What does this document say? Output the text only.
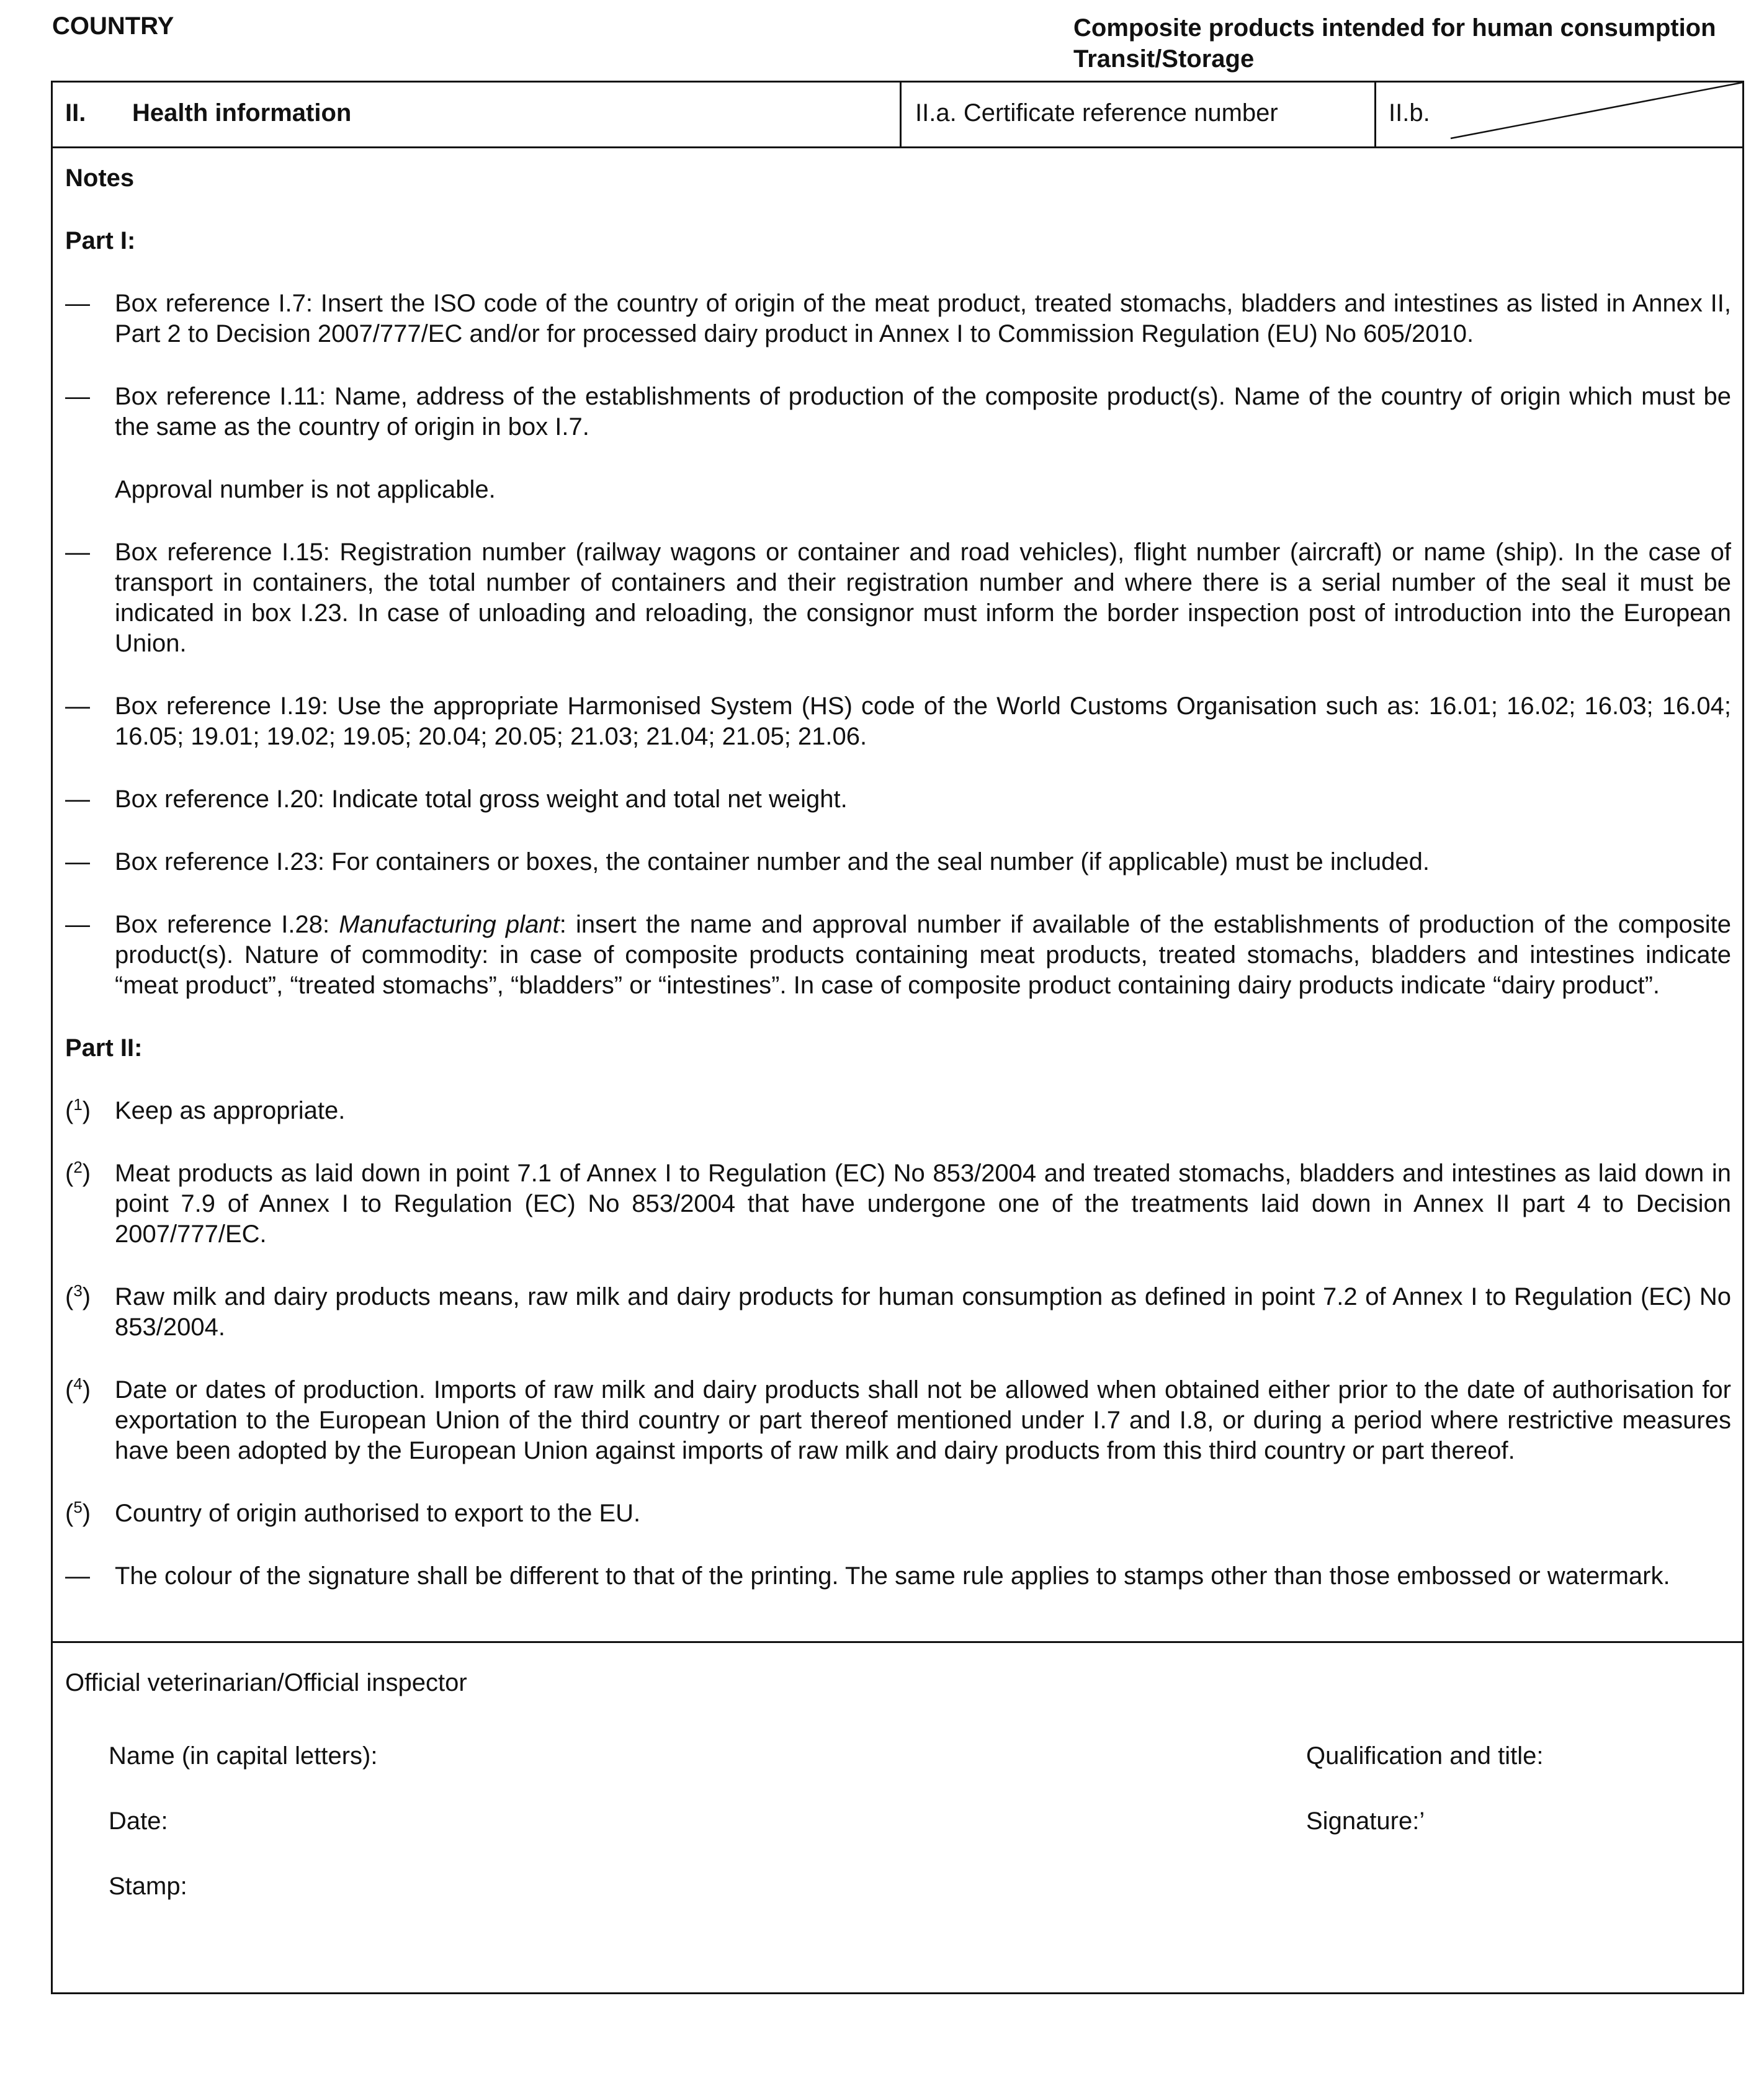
COUNTRY	Composite products intended for human consumption
Transit/Storage
II. Health information	II.a. Certificate reference number	II.b.

Notes

Part I:

— Box reference I.7: Insert the ISO code of the country of origin of the meat product, treated stomachs, bladders and intestines as listed in Annex II, Part 2 to Decision 2007/777/EC and/or for processed dairy product in Annex I to Commission Regulation (EU) No 605/2010.
— Box reference I.11: Name, address of the establishments of production of the composite product(s). Name of the country of origin which must be the same as the country of origin in box I.7.
Approval number is not applicable.
— Box reference I.15: Registration number (railway wagons or container and road vehicles), flight number (aircraft) or name (ship). In the case of transport in containers, the total number of containers and their registration number and where there is a serial number of the seal it must be indicated in box I.23. In case of unloading and reloading, the consignor must inform the border inspection post of introduction into the European Union.
— Box reference I.19: Use the appropriate Harmonised System (HS) code of the World Customs Organisation such as: 16.01; 16.02; 16.03; 16.04; 16.05; 19.01; 19.02; 19.05; 20.04; 20.05; 21.03; 21.04; 21.05; 21.06.
— Box reference I.20: Indicate total gross weight and total net weight.
— Box reference I.23: For containers or boxes, the container number and the seal number (if applicable) must be included.
— Box reference I.28: Manufacturing plant: insert the name and approval number if available of the establishments of production of the composite product(s). Nature of commodity: in case of composite products containing meat products, treated stomachs, bladders and intestines indicate “meat product”, “treated stomachs”, “bladders” or “intestines”. In case of composite product containing dairy products indicate “dairy product”.

Part II:

($^1$) Keep as appropriate.
($^2$) Meat products as laid down in point 7.1 of Annex I to Regulation (EC) No 853/2004 and treated stomachs, bladders and intestines as laid down in point 7.9 of Annex I to Regulation (EC) No 853/2004 that have undergone one of the treatments laid down in Annex II part 4 to Decision 2007/777/EC.
($^3$) Raw milk and dairy products means, raw milk and dairy products for human consumption as defined in point 7.2 of Annex I to Regulation (EC) No 853/2004.
($^4$) Date or dates of production. Imports of raw milk and dairy products shall not be allowed when obtained either prior to the date of authorisation for exportation to the European Union of the third country or part thereof mentioned under I.7 and I.8, or during a period where restrictive measures have been adopted by the European Union against imports of raw milk and dairy products from this third country or part thereof.
($^5$) Country of origin authorised to export to the EU.
— The colour of the signature shall be different to that of the printing. The same rule applies to stamps other than those embossed or watermark.
Official veterinarian/Official inspector
Name (in capital letters):	Qualification and title:
Date:	Signature:’
Stamp:
